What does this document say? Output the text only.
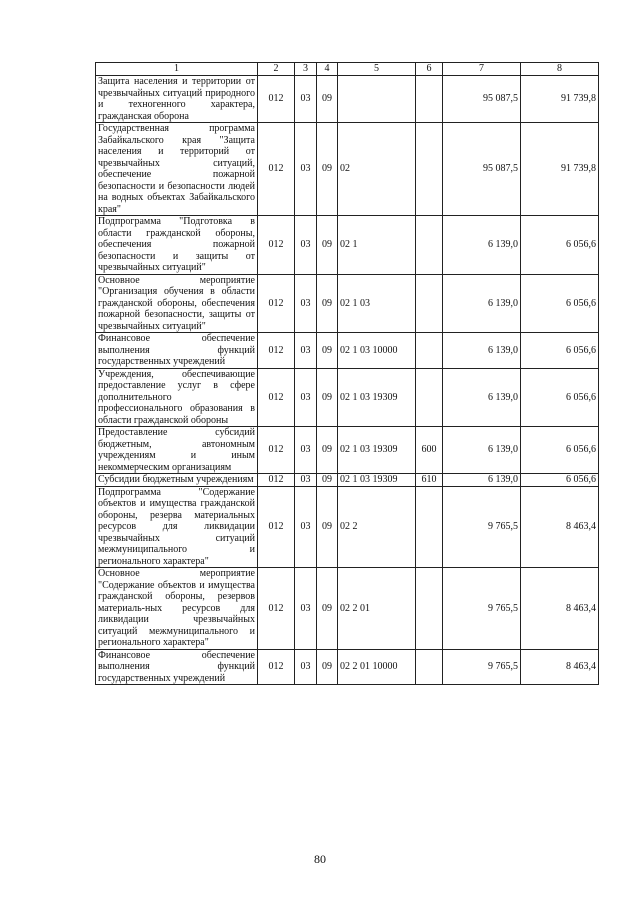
1	2	3	4	5	6	7	8
Защита населения и территории от чрезвычайных ситуаций природного и техногенного характера, гражданская оборона	012	03	09			95 087,5	91 739,8
Государственная программа Забайкальского края "Защита населения и территорий от чрезвычайных ситуаций, обеспечение пожарной безопасности и безопасности людей на водных объектах Забайкальского края"	012	03	09	02		95 087,5	91 739,8
Подпрограмма "Подготовка в области гражданской обороны, обеспечения пожарной безопасности и защиты от чрезвычайных ситуаций"	012	03	09	02 1		6 139,0	6 056,6
Основное мероприятие "Организация обучения в области гражданской обороны, обеспечения пожарной безопасности, защиты от чрезвычайных ситуаций"	012	03	09	02 1 03		6 139,0	6 056,6
Финансовое обеспечение выполнения функций государственных учреждений	012	03	09	02 1 03 10000		6 139,0	6 056,6
Учреждения, обеспечивающие предоставление услуг в сфере дополнительного профессионального образования в области гражданской обороны	012	03	09	02 1 03 19309		6 139,0	6 056,6
Предоставление субсидий бюджетным, автономным учреждениям и иным некоммерческим организациям	012	03	09	02 1 03 19309	600	6 139,0	6 056,6
Субсидии бюджетным учреждениям	012	03	09	02 1 03 19309	610	6 139,0	6 056,6
Подпрограмма "Содержание объектов и имущества гражданской обороны, резерва материальных ресурсов для ликвидации чрезвычайных ситуаций межмуниципального и регионального характера"	012	03	09	02 2		9 765,5	8 463,4
Основное мероприятие "Содержание объектов и имущества гражданской обороны, резервов материаль-ных ресурсов для ликвидации чрезвычайных ситуаций межмуниципального и регионального характера"	012	03	09	02 2 01		9 765,5	8 463,4
Финансовое обеспечение выполнения функций государственных учреждений	012	03	09	02 2 01 10000		9 765,5	8 463,4
80
